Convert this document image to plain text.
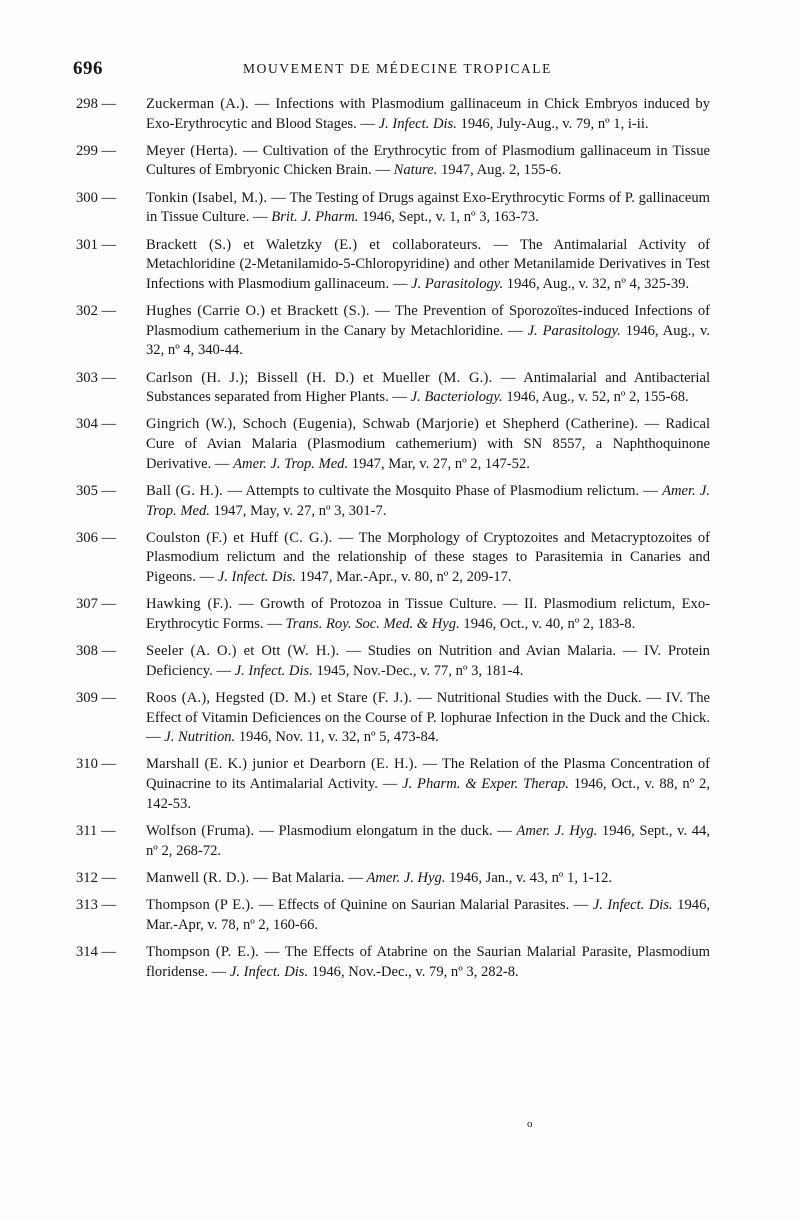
696	MOUVEMENT DE MÉDECINE TROPICALE
298 —	Zuckerman (A.). — Infections with Plasmodium gallinaceum in Chick Embryos induced by Exo-Erythrocytic and Blood Stages. — J. Infect. Dis. 1946, July-Aug., v. 79, nº 1, i-ii.
299 —	Meyer (Herta). — Cultivation of the Erythrocytic from of Plasmodium gallinaceum in Tissue Cultures of Embryonic Chicken Brain. — Nature. 1947, Aug. 2, 155-6.
300 —	Tonkin (Isabel, M.). — The Testing of Drugs against Exo-Erythrocytic Forms of P. gallinaceum in Tissue Culture. — Brit. J. Pharm. 1946, Sept., v. 1, nº 3, 163-73.
301 —	Brackett (S.) et Waletzky (E.) et collaborateurs. — The Antimalarial Activity of Metachloridine (2-Metanilamido-5-Chloropyridine) and other Metanilamide Derivatives in Test Infections with Plasmodium gallinaceum. — J. Parasitology. 1946, Aug., v. 32, nº 4, 325-39.
302 —	Hughes (Carrie O.) et Brackett (S.). — The Prevention of Sporozoïtes-induced Infections of Plasmodium cathemerium in the Canary by Metachloridine. — J. Parasitology. 1946, Aug., v. 32, nº 4, 340-44.
303 —	Carlson (H. J.); Bissell (H. D.) et Mueller (M. G.). — Antimalarial and Antibacterial Substances separated from Higher Plants. — J. Bacteriology. 1946, Aug., v. 52, nº 2, 155-68.
304 —	Gingrich (W.), Schoch (Eugenia), Schwab (Marjorie) et Shepherd (Catherine). — Radical Cure of Avian Malaria (Plasmodium cathemerium) with SN 8557, a Naphthoquinone Derivative. — Amer. J. Trop. Med. 1947, Mar, v. 27, nº 2, 147-52.
305 —	Ball (G. H.). — Attempts to cultivate the Mosquito Phase of Plasmodium relictum. — Amer. J. Trop. Med. 1947, May, v. 27, nº 3, 301-7.
306 —	Coulston (F.) et Huff (C. G.). — The Morphology of Cryptozoites and Metacryptozoites of Plasmodium relictum and the relationship of these stages to Parasitemia in Canaries and Pigeons. — J. Infect. Dis. 1947, Mar.-Apr., v. 80, nº 2, 209-17.
307 —	Hawking (F.). — Growth of Protozoa in Tissue Culture. — II. Plasmodium relictum, Exo-Erythrocytic Forms. — Trans. Roy. Soc. Med. & Hyg. 1946, Oct., v. 40, nº 2, 183-8.
308 —	Seeler (A. O.) et Ott (W. H.). — Studies on Nutrition and Avian Malaria. — IV. Protein Deficiency. — J. Infect. Dis. 1945, Nov.-Dec., v. 77, nº 3, 181-4.
309 —	Roos (A.), Hegsted (D. M.) et Stare (F. J.). — Nutritional Studies with the Duck. — IV. The Effect of Vitamin Deficiences on the Course of P. lophurae Infection in the Duck and the Chick. — J. Nutrition. 1946, Nov. 11, v. 32, nº 5, 473-84.
310 —	Marshall (E. K.) junior et Dearborn (E. H.). — The Relation of the Plasma Concentration of Quinacrine to its Antimalarial Activity. — J. Pharm. & Exper. Therap. 1946, Oct., v. 88, nº 2, 142-53.
311 —	Wolfson (Fruma). — Plasmodium elongatum in the duck. — Amer. J. Hyg. 1946, Sept., v. 44, nº 2, 268-72.
312 —	Manwell (R. D.). — Bat Malaria. — Amer. J. Hyg. 1946, Jan., v. 43, nº 1, 1-12.
313 —	Thompson (P E.). — Effects of Quinine on Saurian Malarial Parasites. — J. Infect. Dis. 1946, Mar.-Apr, v. 78, nº 2, 160-66.
314 —	Thompson (P. E.). — The Effects of Atabrine on the Saurian Malarial Parasite, Plasmodium floridense. — J. Infect. Dis. 1946, Nov.-Dec., v. 79, nº 3, 282-8.
o
